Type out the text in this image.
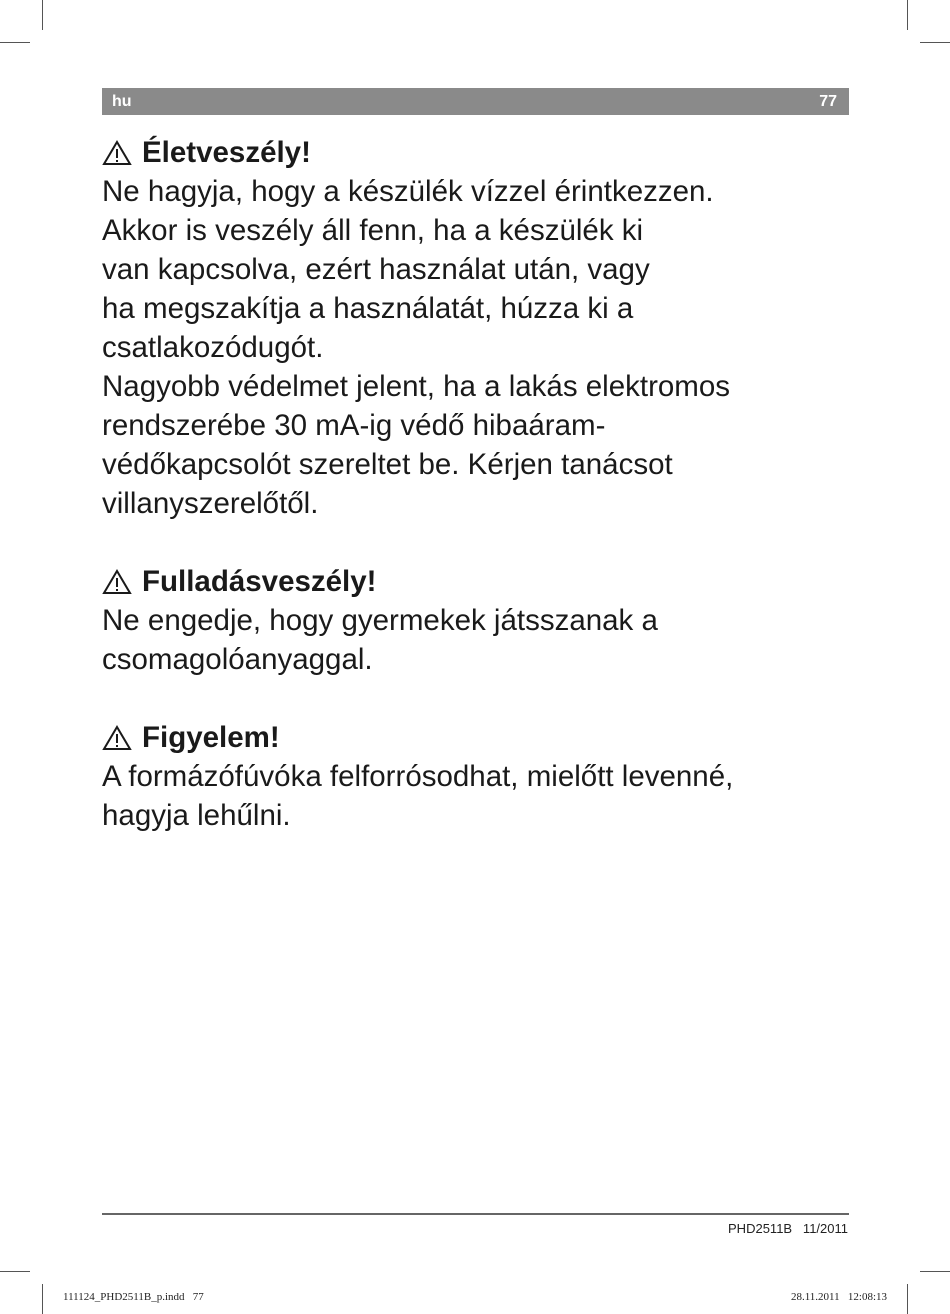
hu	77
Életveszély!
Ne hagyja, hogy a készülék vízzel érintkezzen.
Akkor is veszély áll fenn, ha a készülék ki
van kapcsolva, ezért használat után, vagy
ha megszakítja a használatát, húzza ki a
csatlakozódugót.
Nagyobb védelmet jelent, ha a lakás elektromos
rendszerébe 30 mA-ig védő hibaáram-
védőkapcsolót szereltet be. Kérjen tanácsot
villanyszerelőtől.
Fulladásveszély!
Ne engedje, hogy gyermekek játsszanak a
csomagolóanyaggal.
Figyelem!
A formázófúvóka felforrósodhat, mielőtt levenné,
hagyja lehűlni.
PHD2511B   11/2011
111124_PHD2511B_p.indd   77	28.11.2011   12:08:13
